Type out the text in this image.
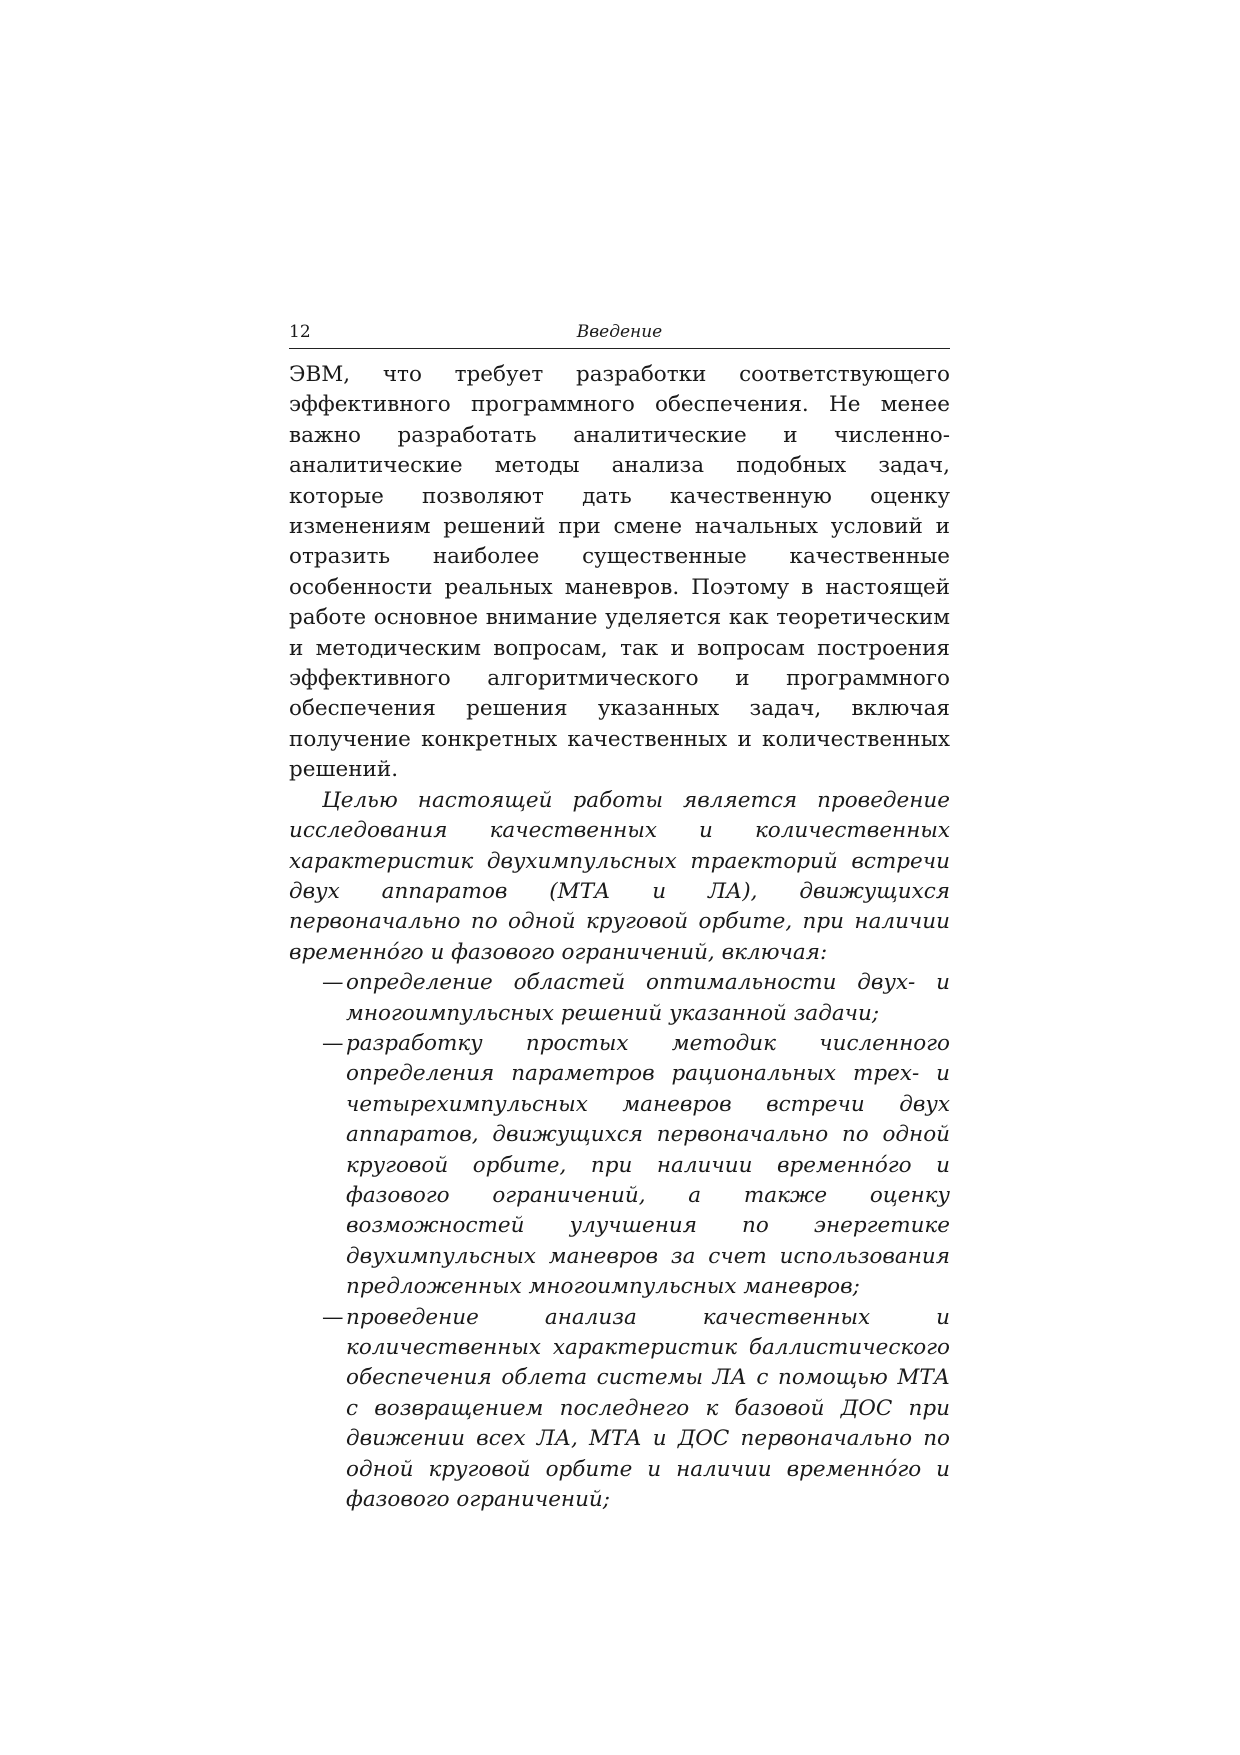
12	Введение

ЭВМ, что требует разработки соответствующего эффективного программного обеспечения. Не менее важно разработать аналитические и численно-аналитические методы анализа подобных задач, которые позволяют дать качественную оценку изменениям решений при смене начальных условий и отразить наиболее существенные качественные особенности реальных маневров. Поэтому в настоящей работе основное внимание уделяется как теоретическим и методическим вопросам, так и вопросам построения эффективного алгоритмического и программного обеспечения решения указанных задач, включая получение конкретных качественных и количественных решений.

Целью настоящей работы является проведение исследования качественных и количественных характеристик двухимпульсных траекторий встречи двух аппаратов (МТА и ЛА), движущихся первоначально по одной круговой орбите, при наличии временнóго и фазового ограничений, включая:

— определение областей оптимальности двух- и многоимпульсных решений указанной задачи;
— разработку простых методик численного определения параметров рациональных трех- и четырехимпульсных маневров встречи двух аппаратов, движущихся первоначально по одной круговой орбите, при наличии временнóго и фазового ограничений, а также оценку возможностей улучшения по энергетике двухимпульсных маневров за счет использования предложенных многоимпульсных маневров;
— проведение анализа качественных и количественных характеристик баллистического обеспечения облета системы ЛА с помощью МТА с возвращением последнего к базовой ДОС при движении всех ЛА, МТА и ДОС первоначально по одной круговой орбите и наличии временнóго и фазового ограничений;
